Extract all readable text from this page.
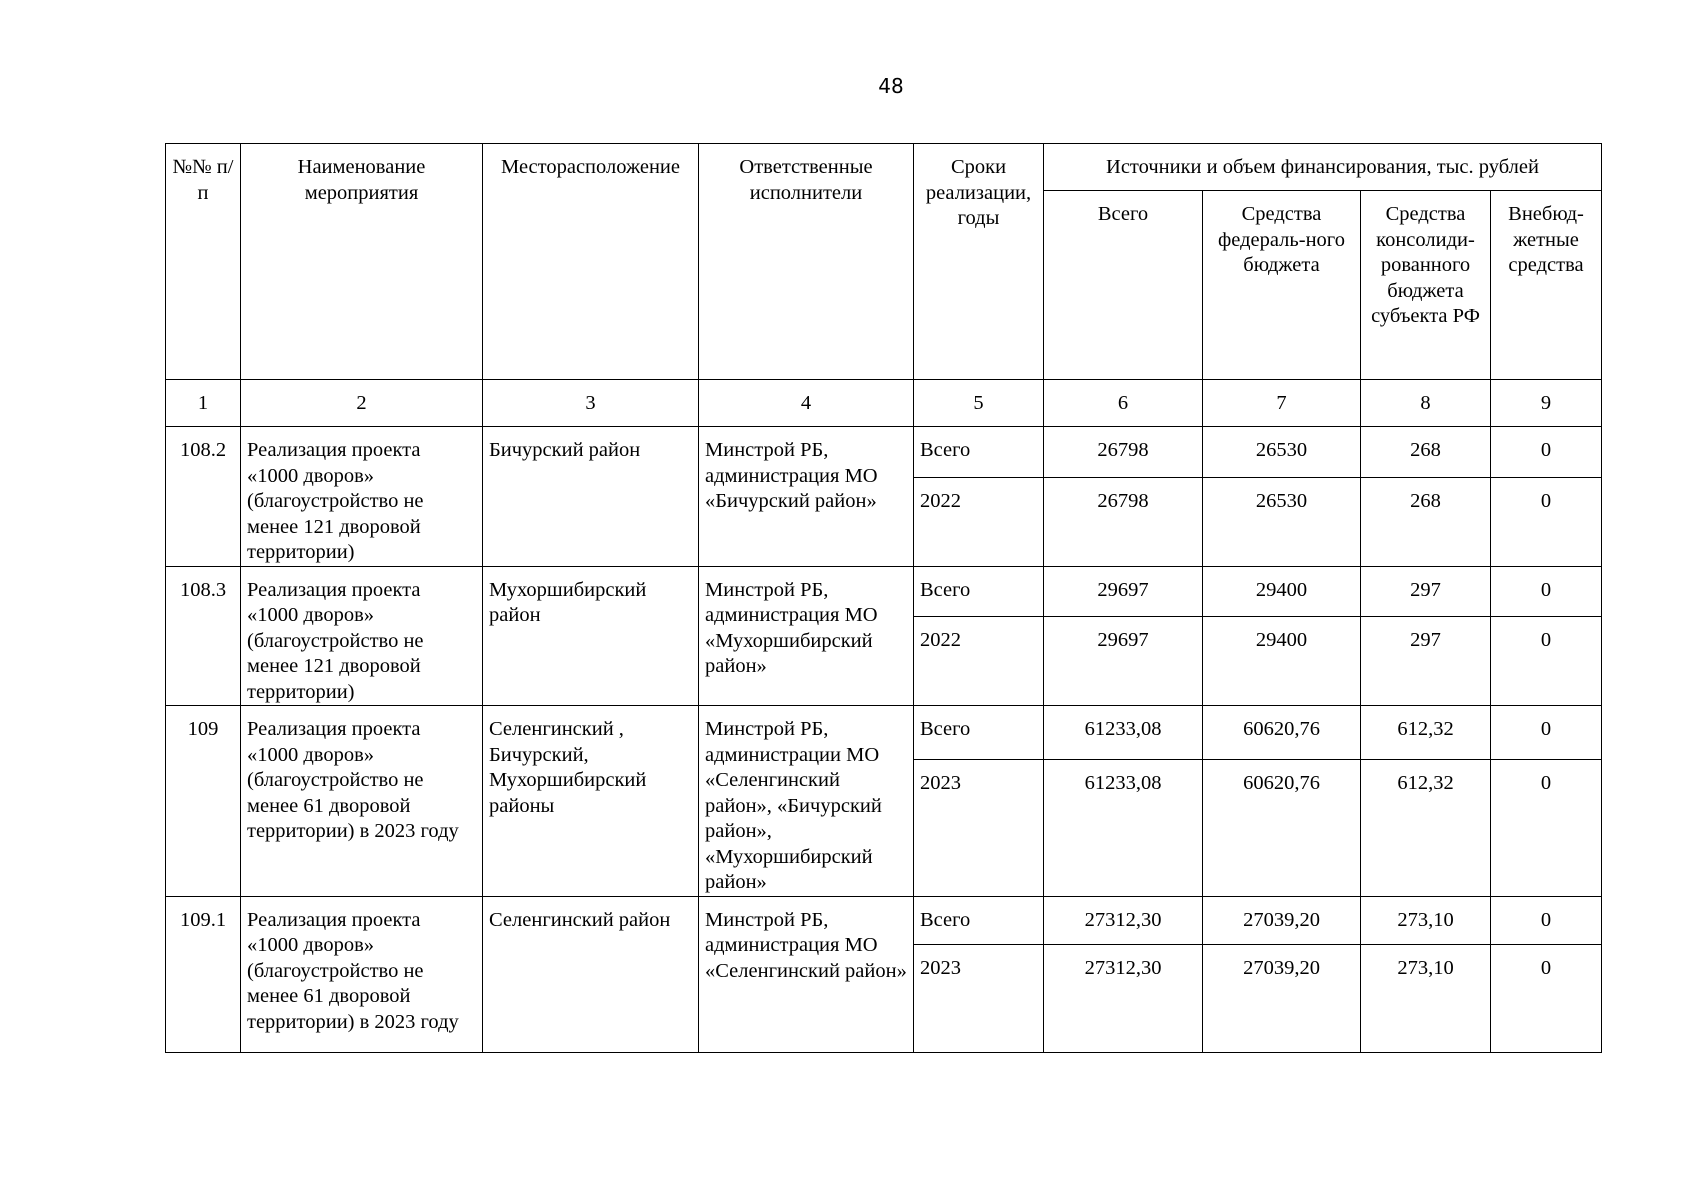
48
№№ п/п	Наименование мероприятия	Месторасположение	Ответственные исполнители	Сроки реализации, годы	Источники и объем финансирования, тыс. рублей			
					Всего	Средства федераль-ного бюджета	Средства консолиди-рованного бюджета субъекта РФ	Внебюд-жетные средства
1	2	3	4	5	6	7	8	9
108.2	Реализация проекта «1000 дворов» (благоустройство не менее 121 дворовой территории)	Бичурский район	Минстрой РБ, администрация МО «Бичурский район»	Всего	26798	26530	268	0
				2022	26798	26530	268	0
108.3	Реализация проекта «1000 дворов» (благоустройство не менее 121 дворовой территории)	Мухоршибирский район	Минстрой РБ, администрация МО «Мухоршибирский район»	Всего	29697	29400	297	0
				2022	29697	29400	297	0
109	Реализация проекта «1000 дворов» (благоустройство не менее 61 дворовой территории) в 2023 году	Селенгинский , Бичурский, Мухоршибирский районы	Минстрой РБ, администрации МО «Селенгинский район», «Бичурский район», «Мухоршибирский район»	Всего	61233,08	60620,76	612,32	0
				2023	61233,08	60620,76	612,32	0
109.1	Реализация проекта «1000 дворов» (благоустройство не менее 61 дворовой территории) в 2023 году	Селенгинский район	Минстрой РБ, администрация МО «Селенгинский район»	Всего	27312,30	27039,20	273,10	0
				2023	27312,30	27039,20	273,10	0
